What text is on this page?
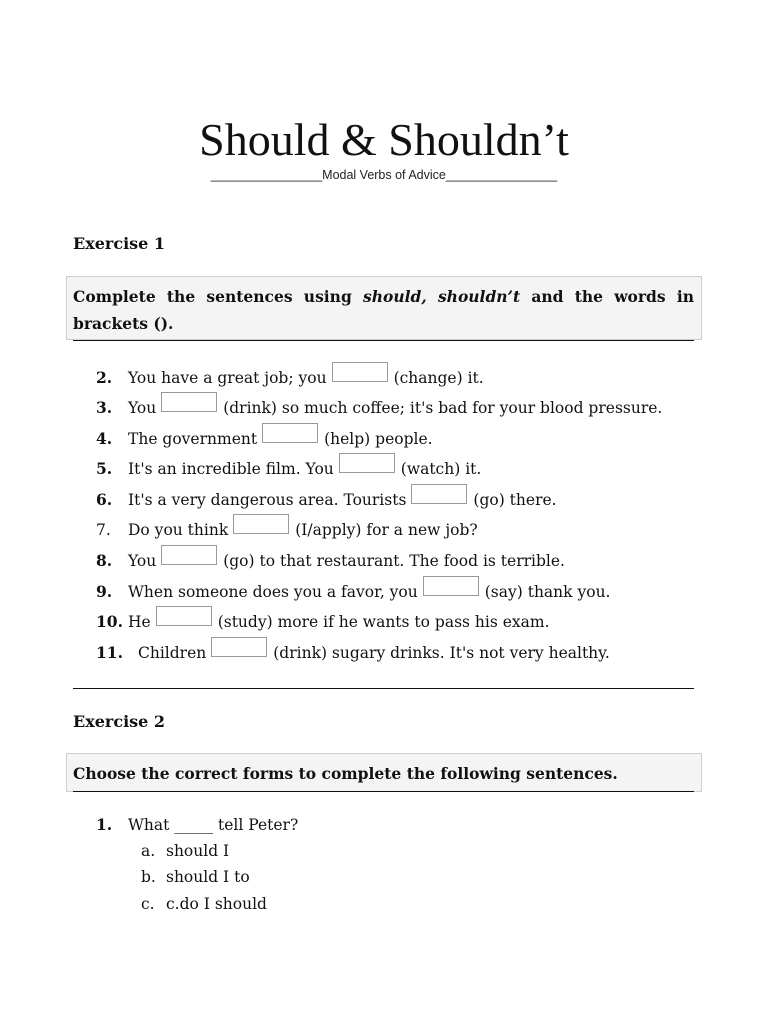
Should & Shouldn’t
________________Modal Verbs of Advice________________
Exercise 1
Complete the sentences using should, shouldn’t and the words in brackets ().
2.	You have a great job; you	(change) it.
3.	You	(drink) so much coffee; it's bad for your blood pressure.
4.	The government	(help) people.
5.	It's an incredible film. You	(watch) it.
6.	It's a very dangerous area. Tourists	(go) there.
7.	Do you think	(I/apply) for a new job?
8.	You	(go) to that restaurant. The food is terrible.
9.	When someone does you a favor, you	(say) thank you.
10. He	(study) more if he wants to pass his exam.
11. Children	(drink) sugary drinks. It's not very healthy.
Exercise 2
Choose the correct forms to complete the following sentences.
1.	What _____ tell Peter?
a. should I
b. should I to
c. c.do I should
